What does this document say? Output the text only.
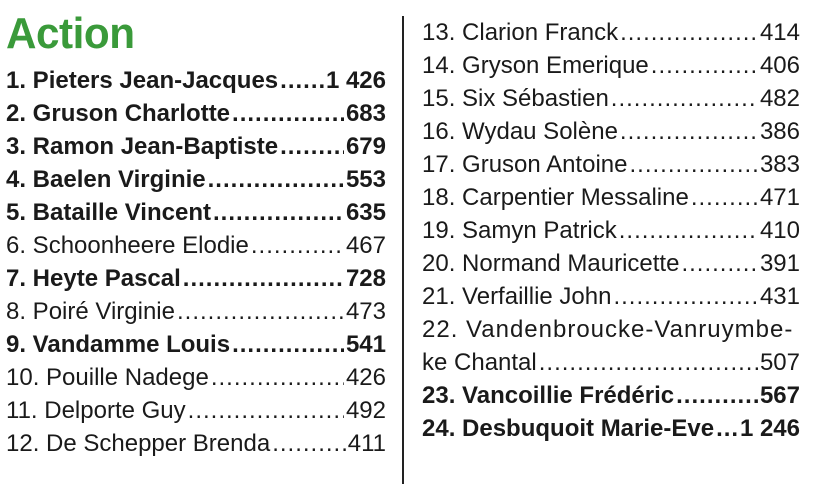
Action
1. Pieters Jean-Jacques ..... 1 426
2. Gruson Charlotte .....	683
3. Ramon Jean-Baptiste .....	679
4. Baelen Virginie .....	553
5. Bataille Vincent .....	635
6. Schoonheere Elodie .....	467
7. Heyte Pascal .....	728
8. Poiré Virginie .....	473
9. Vandamme Louis .....	541
10. Pouille Nadege .....	426
11. Delporte Guy .....	492
12. De Schepper Brenda .....	411
13. Clarion Franck .....	414
14. Gryson Emerique .....	406
15. Six Sébastien .....	482
16. Wydau Solène .....	386
17. Gruson Antoine .....	383
18. Carpentier Messaline .....	471
19. Samyn Patrick .....	410
20. Normand Mauricette .....	391
21. Verfaillie John .....	431
22. Vandenbroucke-Vanruymbe-
ke Chantal .....	507
23. Vancoillie Frédéric .....	567
24. Desbuquoit Marie-Eve ..... 1 246
